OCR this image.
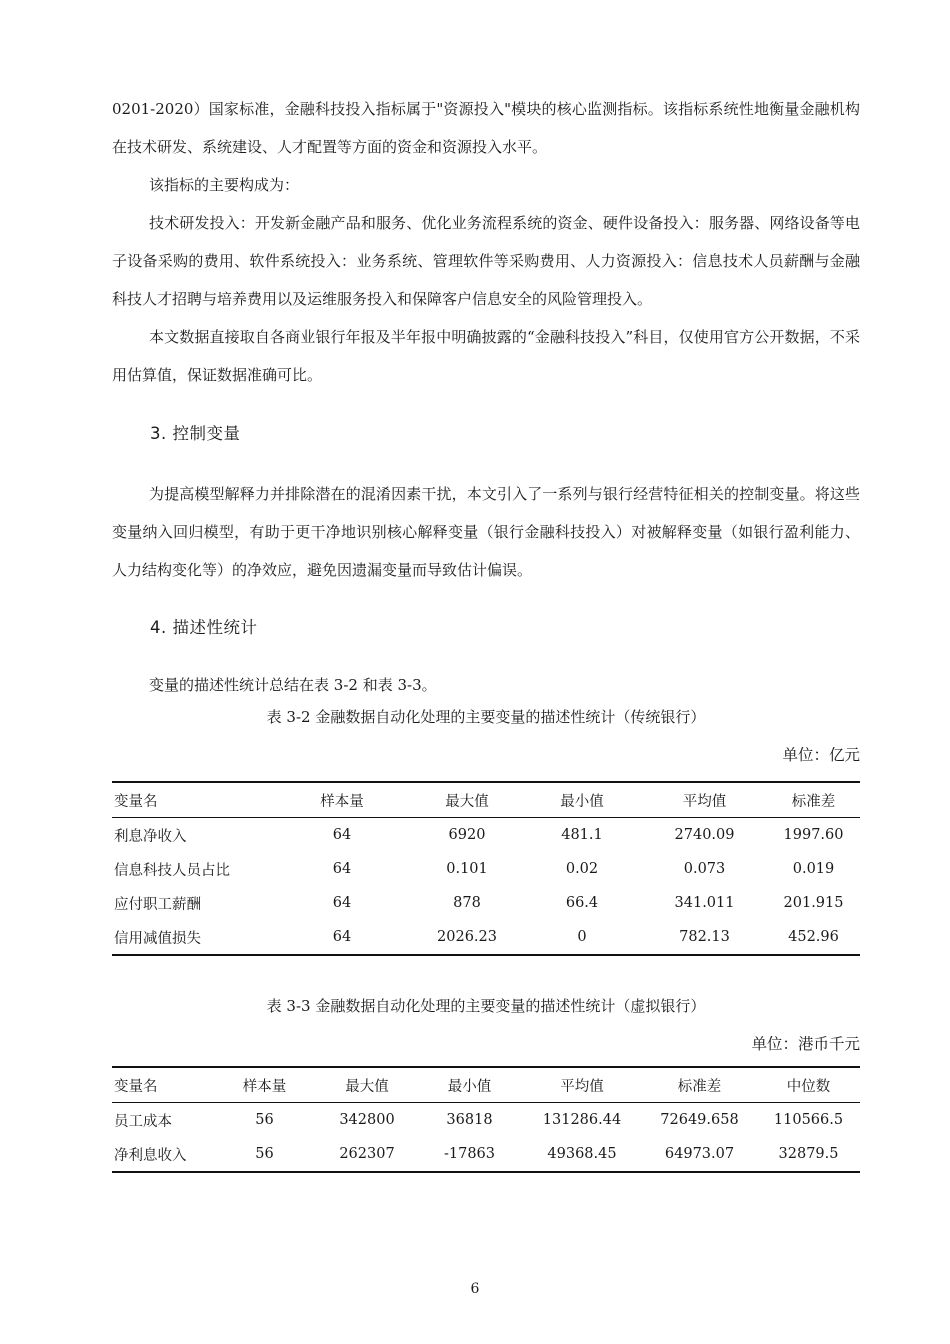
0201-2020）国家标准，金融科技投入指标属于"资源投入"模块的核心监测指标。该指标系统性地衡量金融机构在技术研发、系统建设、人才配置等方面的资金和资源投入水平。

该指标的主要构成为：

技术研发投入：开发新金融产品和服务、优化业务流程系统的资金、硬件设备投入：服务器、网络设备等电子设备采购的费用、软件系统投入：业务系统、管理软件等采购费用、人力资源投入：信息技术人员薪酬与金融科技人才招聘与培养费用以及运维服务投入和保障客户信息安全的风险管理投入。

本文数据直接取自各商业银行年报及半年报中明确披露的“金融科技投入”科目，仅使用官方公开数据，不采用估算值，保证数据准确可比。

3. 控制变量

为提高模型解释力并排除潜在的混淆因素干扰，本文引入了一系列与银行经营特征相关的控制变量。将这些变量纳入回归模型，有助于更干净地识别核心解释变量（银行金融科技投入）对被解释变量（如银行盈利能力、人力结构变化等）的净效应，避免因遗漏变量而导致估计偏误。

4. 描述性统计

变量的描述性统计总结在表 3-2 和表 3-3。

表 3-2 金融数据自动化处理的主要变量的描述性统计（传统银行）

单位：亿元

变量名	样本量	最大值	最小值	平均值	标准差
利息净收入	64	6920	481.1	2740.09	1997.60
信息科技人员占比	64	0.101	0.02	0.073	0.019
应付职工薪酬	64	878	66.4	341.011	201.915
信用减值损失	64	2026.23	0	782.13	452.96

表 3-3 金融数据自动化处理的主要变量的描述性统计（虚拟银行）

单位：港币千元

变量名	样本量	最大值	最小值	平均值	标准差	中位数
员工成本	56	342800	36818	131286.44	72649.658	110566.5
净利息收入	56	262307	-17863	49368.45	64973.07	32879.5

6
